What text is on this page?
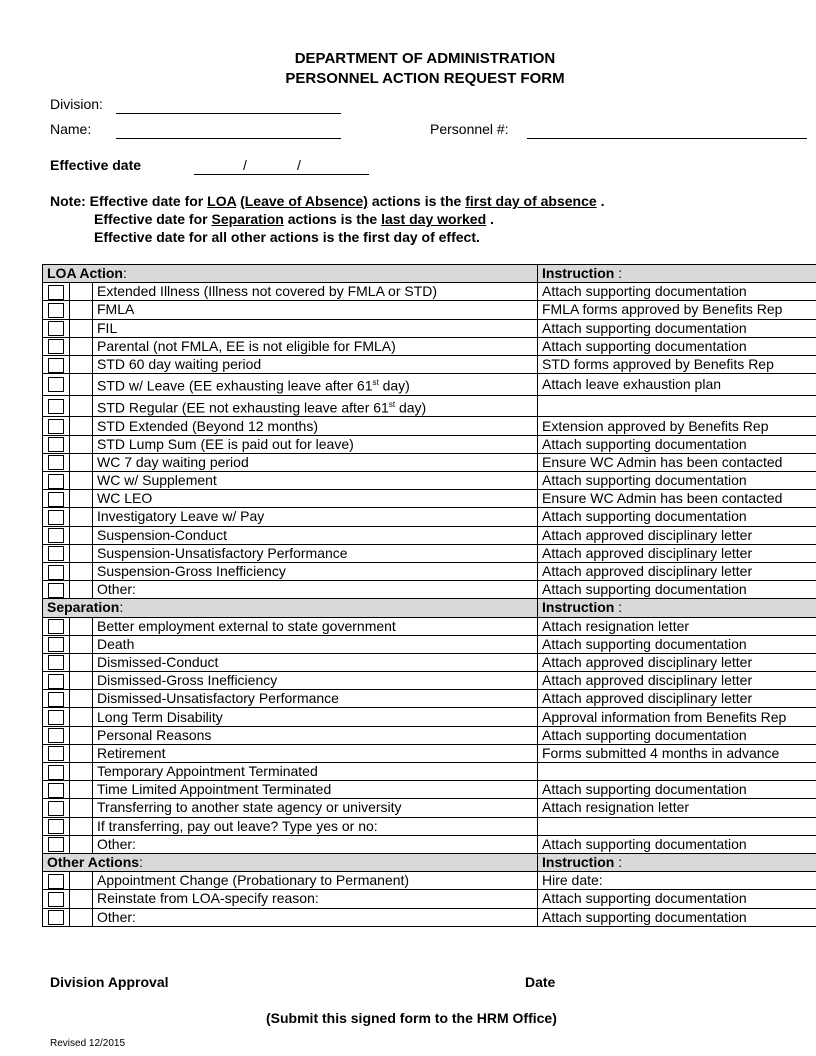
DEPARTMENT OF ADMINISTRATION
PERSONNEL ACTION REQUEST FORM
Division:
Name:	Personnel #:
Effective date	/	/
Note: Effective date for LOA (Leave of Absence) actions is the first day of absence .
Effective date for Separation actions is the last day worked .
Effective date for all other actions is the first day of effect.
LOA Action:			Instruction :

		Extended Illness (Illness not covered by FMLA or STD)	Attach supporting documentation

		FMLA	FMLA forms approved by Benefits Rep

		FIL	Attach supporting documentation

		Parental (not FMLA, EE is not eligible for FMLA)	Attach supporting documentation

		STD 60 day waiting period	STD forms approved by Benefits Rep

		STD w/ Leave (EE exhausting leave after 61st day)	Attach leave exhaustion plan

		STD Regular (EE not exhausting leave after 61st day)	

		STD Extended (Beyond 12 months)	Extension approved by Benefits Rep

		STD Lump Sum (EE is paid out for leave)	Attach supporting documentation

		WC 7 day waiting period	Ensure WC Admin has been contacted

		WC w/ Supplement	Attach supporting documentation

		WC LEO	Ensure WC Admin has been contacted

		Investigatory Leave w/ Pay	Attach supporting documentation

		Suspension-Conduct	Attach approved disciplinary letter

		Suspension-Unsatisfactory Performance	Attach approved disciplinary letter

		Suspension-Gross Inefficiency	Attach approved disciplinary letter

		Other:	Attach supporting documentation
Separation:			Instruction :

		Better employment external to state government	Attach resignation letter

		Death	Attach supporting documentation

		Dismissed-Conduct	Attach approved disciplinary letter

		Dismissed-Gross Inefficiency	Attach approved disciplinary letter

		Dismissed-Unsatisfactory Performance	Attach approved disciplinary letter

		Long Term Disability	Approval information from Benefits Rep

		Personal Reasons	Attach supporting documentation

		Retirement	Forms submitted 4 months in advance

		Temporary Appointment Terminated	

		Time Limited Appointment Terminated	Attach supporting documentation

		Transferring to another state agency or university	Attach resignation letter

		If transferring, pay out leave? Type yes or no:	

		Other:	Attach supporting documentation
Other Actions:			Instruction :

		Appointment Change (Probationary to Permanent)	Hire date:

		Reinstate from LOA-specify reason:	Attach supporting documentation

		Other:	Attach supporting documentation
Division Approval	Date
(Submit this signed form to the HRM Office)
Revised 12/2015
